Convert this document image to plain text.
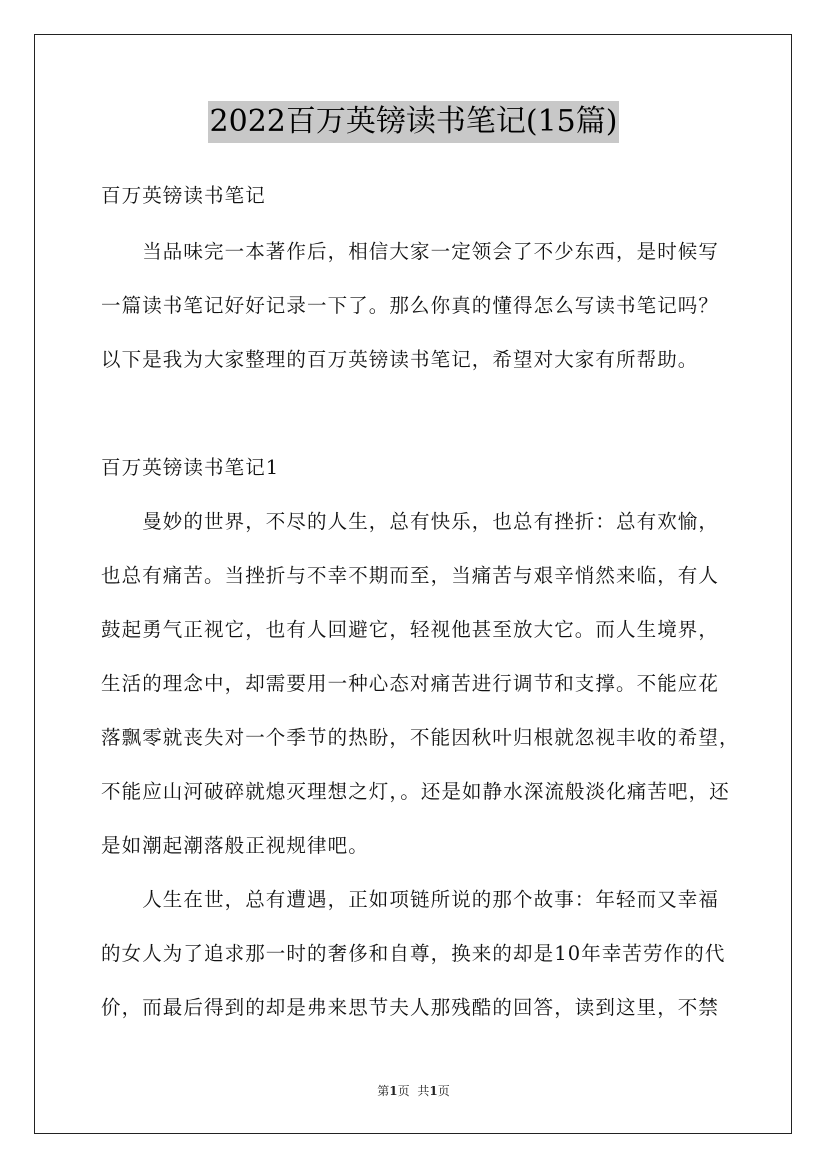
2022百万英镑读书笔记(15篇)
百万英镑读书笔记
　　当品味完一本著作后，相信大家一定领会了不少东西，是时候写
一篇读书笔记好好记录一下了。那么你真的懂得怎么写读书笔记吗？
以下是我为大家整理的百万英镑读书笔记，希望对大家有所帮助。
百万英镑读书笔记1
　　曼妙的世界，不尽的人生，总有快乐，也总有挫折：总有欢愉，
也总有痛苦。当挫折与不幸不期而至，当痛苦与艰辛悄然来临，有人
鼓起勇气正视它，也有人回避它，轻视他甚至放大它。而人生境界，
生活的理念中，却需要用一种心态对痛苦进行调节和支撑。不能应花
落飘零就丧失对一个季节的热盼，不能因秋叶归根就忽视丰收的希望，
不能应山河破碎就熄灭理想之灯，。还是如静水深流般淡化痛苦吧，还
是如潮起潮落般正视规律吧。
　　人生在世，总有遭遇，正如项链所说的那个故事：年轻而又幸福
的女人为了追求那一时的奢侈和自尊，换来的却是10年幸苦劳作的代
价，而最后得到的却是弗来思节夫人那残酷的回答，读到这里，不禁
第1页 共1页
